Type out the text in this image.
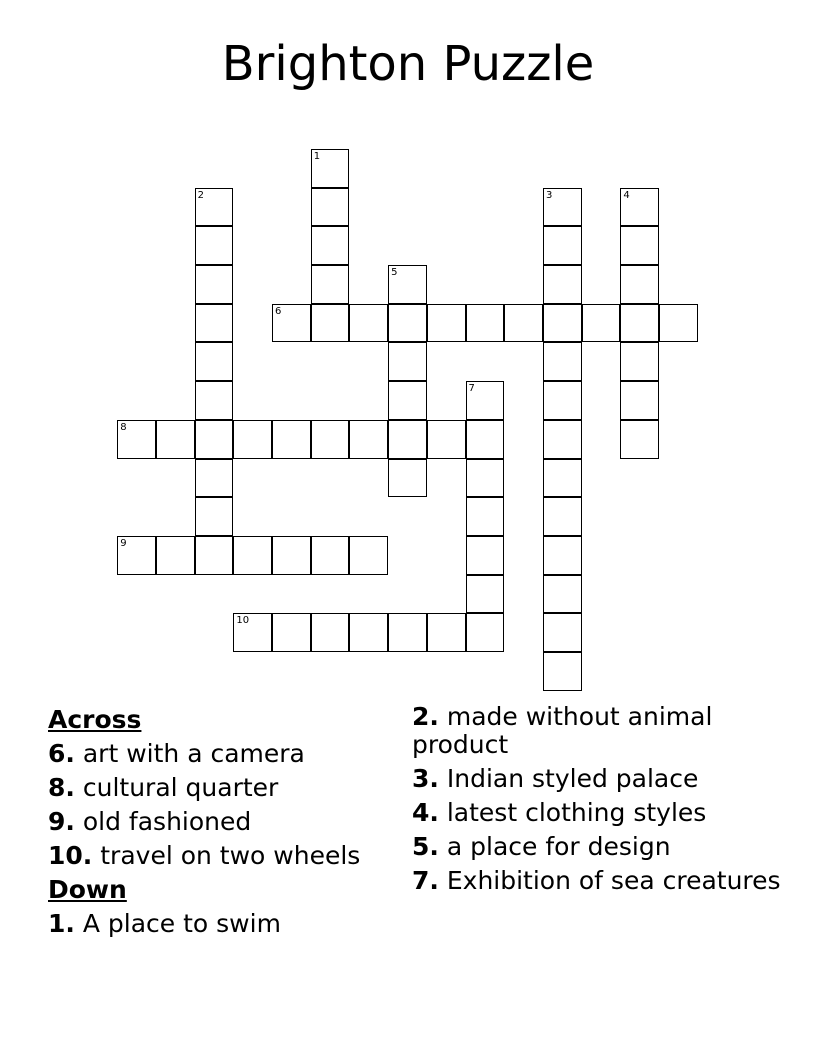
Brighton Puzzle
1
2	3	4
5
6
7
8
9
10
Across
6. art with a camera
8. cultural quarter
9. old fashioned
10. travel on two wheels
Down
1. A place to swim
2. made without animal product
3. Indian styled palace
4. latest clothing styles
5. a place for design
7. Exhibition of sea creatures
